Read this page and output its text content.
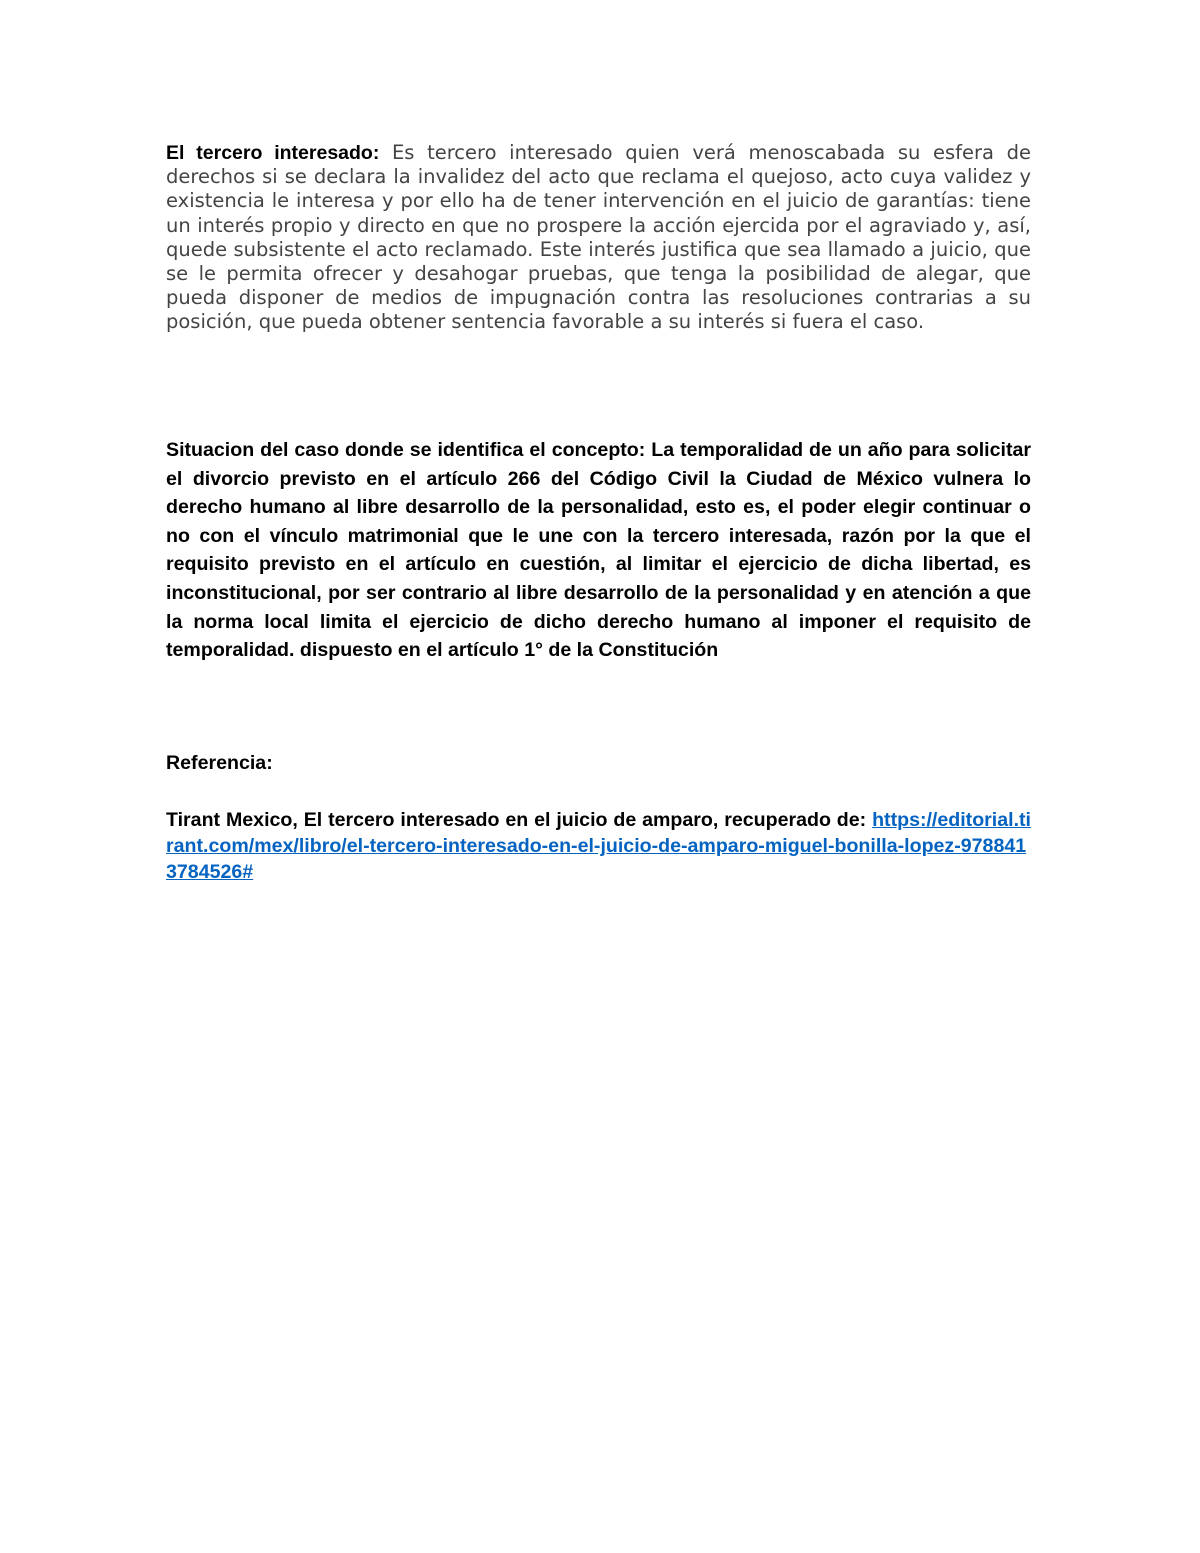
El tercero interesado: Es tercero interesado quien verá menoscabada su esfera de derechos si se declara la invalidez del acto que reclama el quejoso, acto cuya validez y existencia le interesa y por ello ha de tener intervención en el juicio de garantías: tiene un interés propio y directo en que no prospere la acción ejercida por el agraviado y, así, quede subsistente el acto reclamado. Este interés justifica que sea llamado a juicio, que se le permita ofrecer y desahogar pruebas, que tenga la posibilidad de alegar, que pueda disponer de medios de impugnación contra las resoluciones contrarias a su posición, que pueda obtener sentencia favorable a su interés si fuera el caso.

Situacion del caso donde se identifica el concepto: La temporalidad de un año para solicitar el divorcio previsto en el artículo 266 del Código Civil la Ciudad de México vulnera lo derecho humano al libre desarrollo de la personalidad, esto es, el poder elegir continuar o no con el vínculo matrimonial que le une con la tercero interesada, razón por la que el requisito previsto en el artículo en cuestión, al limitar el ejercicio de dicha libertad, es inconstitucional, por ser contrario al libre desarrollo de la personalidad y en atención a que la norma local limita el ejercicio de dicho derecho humano al imponer el requisito de temporalidad. dispuesto en el artículo 1° de la Constitución

Referencia:

Tirant Mexico, El tercero interesado en el juicio de amparo, recuperado de: https://editorial.tirant.com/mex/libro/el-tercero-interesado-en-el-juicio-de-amparo-miguel-bonilla-lopez-9788413784526#
